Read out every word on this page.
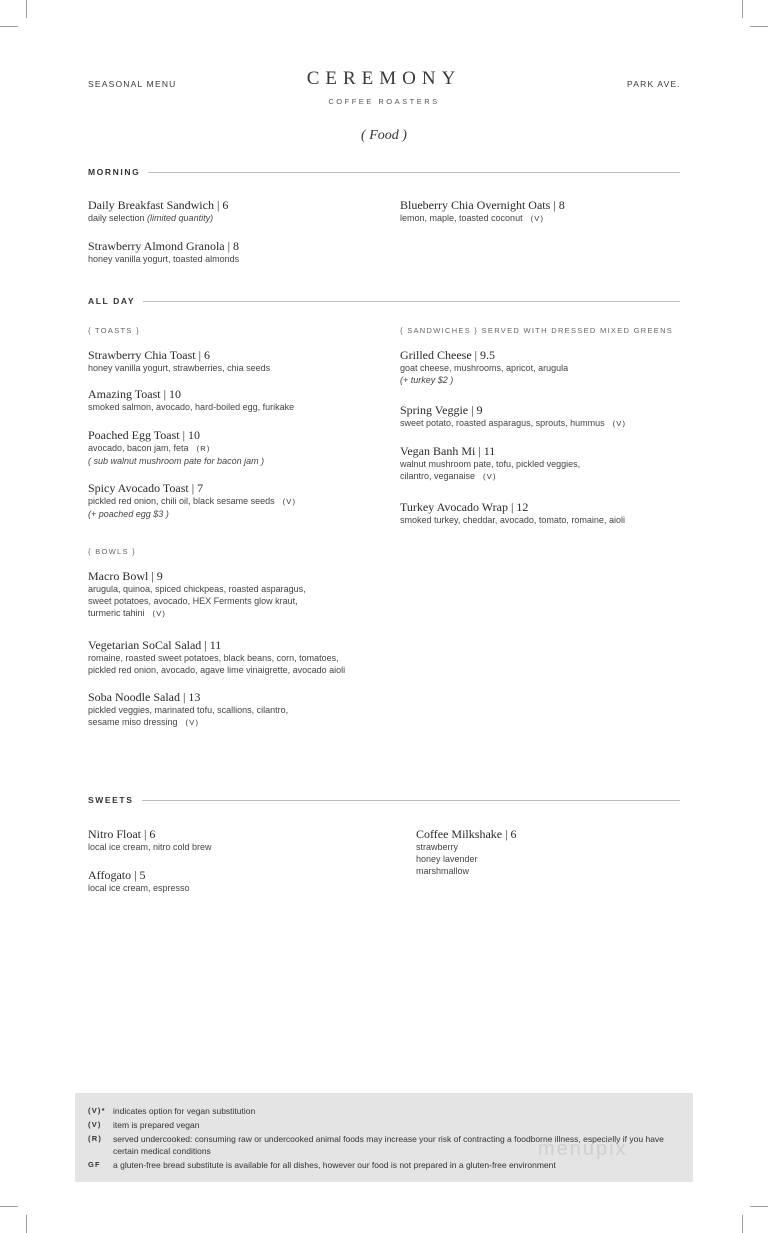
SEASONAL MENU	CEREMONY
COFFEE ROASTERS
PARK AVE.
( Food )
MORNING
Daily Breakfast Sandwich | 6
daily selection (limited quantity)
Strawberry Almond Granola | 8
honey vanilla yogurt, toasted almonds
Blueberry Chia Overnight Oats | 8
lemon, maple, toasted coconut (V)
ALL DAY
{ TOASTS }
Strawberry Chia Toast | 6
honey vanilla yogurt, strawberries, chia seeds
Amazing Toast | 10
smoked salmon, avocado, hard-boiled egg, furikake
Poached Egg Toast | 10
avocado, bacon jam, feta (R)
( sub walnut mushroom pate for bacon jam )
Spicy Avocado Toast | 7
pickled red onion, chili oil, black sesame seeds (V)
(+ poached egg $3 )
{ BOWLS }
Macro Bowl | 9
arugula, quinoa, spiced chickpeas, roasted asparagus,
sweet potatoes, avocado, HEX Ferments glow kraut,
turmeric tahini (V)
Vegetarian SoCal Salad | 11
romaine, roasted sweet potatoes, black beans, corn, tomatoes,
pickled red onion, avocado, agave lime vinaigrette, avocado aioli
Soba Noodle Salad | 13
pickled veggies, marinated tofu, scallions, cilantro,
sesame miso dressing (V)
{ SANDWICHES } SERVED WITH DRESSED MIXED GREENS
Grilled Cheese | 9.5
goat cheese, mushrooms, apricot, arugula
(+ turkey $2 )
Spring Veggie | 9
sweet potato, roasted asparagus, sprouts, hummus (V)
Vegan Banh Mi | 11
walnut mushroom pate, tofu, pickled veggies,
cilantro, veganaise (V)
Turkey Avocado Wrap | 12
smoked turkey, cheddar, avocado, tomato, romaine, aioli
SWEETS
Nitro Float | 6
local ice cream, nitro cold brew
Affogato | 5
local ice cream, espresso
Coffee Milkshake | 6
strawberry
honey lavender
marshmallow
(V)* indicates option for vegan substitution
(V)	item is prepared vegan
(R)	served undercooked: consuming raw or undercooked animal foods may increase your risk of contracting a foodborne illness, especially if you have certain medical conditions
GF	a gluten-free bread substitute is available for all dishes, however our food is not prepared in a gluten-free environment
menupix
